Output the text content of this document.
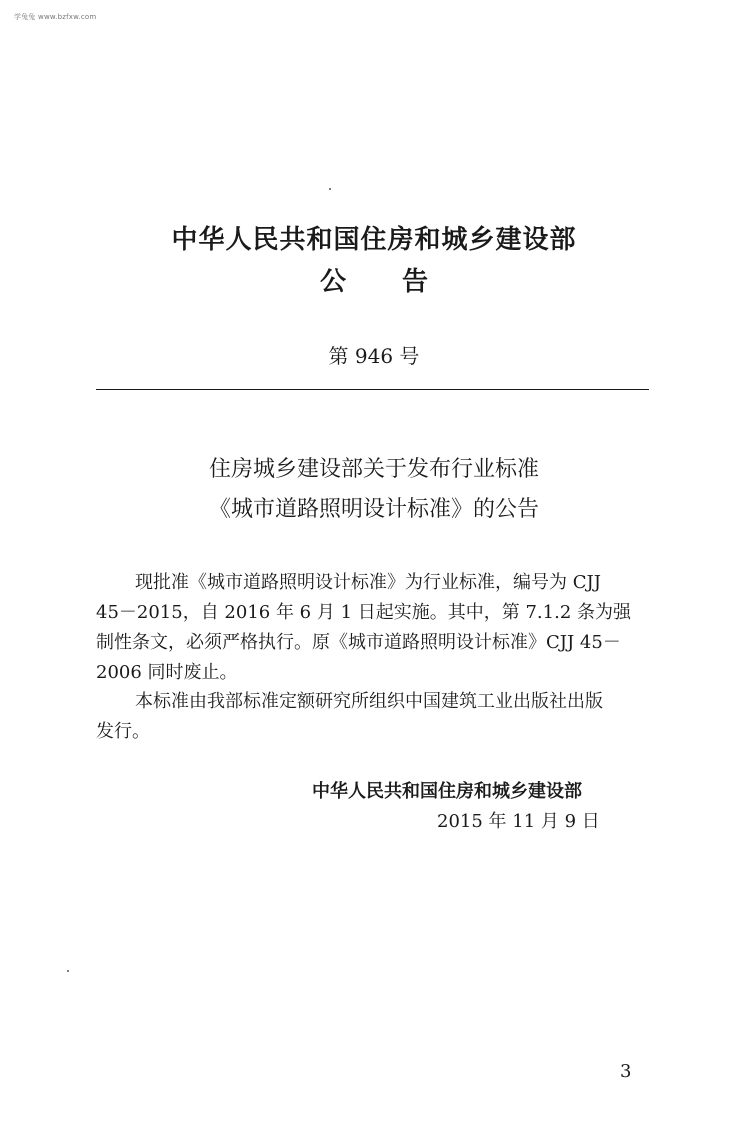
学兔兔 www.bzfxw.com
中华人民共和国住房和城乡建设部
公告
第 946 号
住房城乡建设部关于发布行业标准
《城市道路照明设计标准》的公告
现批准《城市道路照明设计标准》为行业标准，编号为 CJJ
45－2015，自 2016 年 6 月 1 日起实施。其中，第 7.1.2 条为强
制性条文，必须严格执行。原《城市道路照明设计标准》CJJ 45－
2006 同时废止。
本标准由我部标准定额研究所组织中国建筑工业出版社出版
发行。
中华人民共和国住房和城乡建设部
2015 年 11 月 9 日
3
